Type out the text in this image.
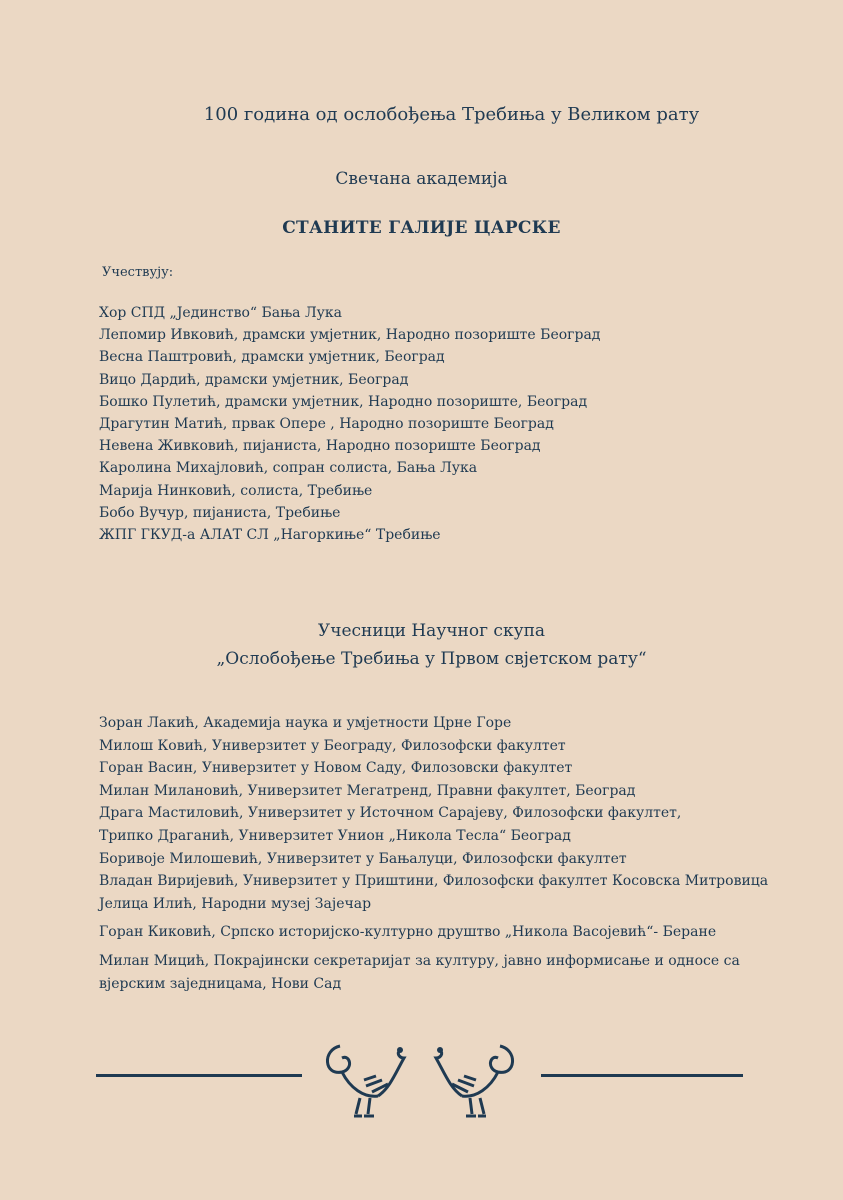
100 година од ослобођења Требиња у Великом рату
Свечана академија
СТАНИТЕ ГАЛИЈЕ ЦАРСКЕ
Учествују:
Хор СПД „Јединство“ Бања Лука
Лепомир Ивковић, драмски умјетник, Народно позориште Београд
Весна Паштровић, драмски умјетник, Београд
Вицо Дардић, драмски умјетник, Београд
Бошко Пулетић, драмски умјетник, Народно позориште, Београд
Драгутин Матић, првак Опере , Народно позориште Београд
Невена Живковић, пијаниста, Народно позориште Београд
Каролина Михајловић, сопран солиста, Бања Лука
Марија Нинковић, солиста, Требиње
Бобо Вучур, пијаниста, Требиње
ЖПГ ГКУД-а АЛАТ СЛ „Нагоркиње“ Требиње
Учесници Научног скупа
„Ослобођење Требиња у Првом свјетском рату“
Зоран Лакић, Академија наука и умјетности Црне Горе
Милош Ковић, Универзитет у Београду, Филозофски факултет
Горан Васин, Универзитет у Новом Саду, Филозовски факултет
Милан Милановић, Универзитет Мегатренд, Правни факултет, Београд
Драга Мастиловић, Универзитет у Источном Сарајеву, Филозофски факултет,
Трипко Драганић, Универзитет Унион „Никола Тесла“ Београд
Боривоје Милошевић, Универзитет у Бањалуци, Филозофски факултет
Владан Виријевић, Универзитет у Приштини, Филозофски факултет Косовска Митровица
Јелица Илић, Народни музеј Зајечар
Горан Киковић, Српско историјско-културно друштво „Никола Васојевић“- Беране
Милан Мицић, Покрајински секретаријат за културу, јавно информисање и односе са
вјерским заједницама, Нови Сад
